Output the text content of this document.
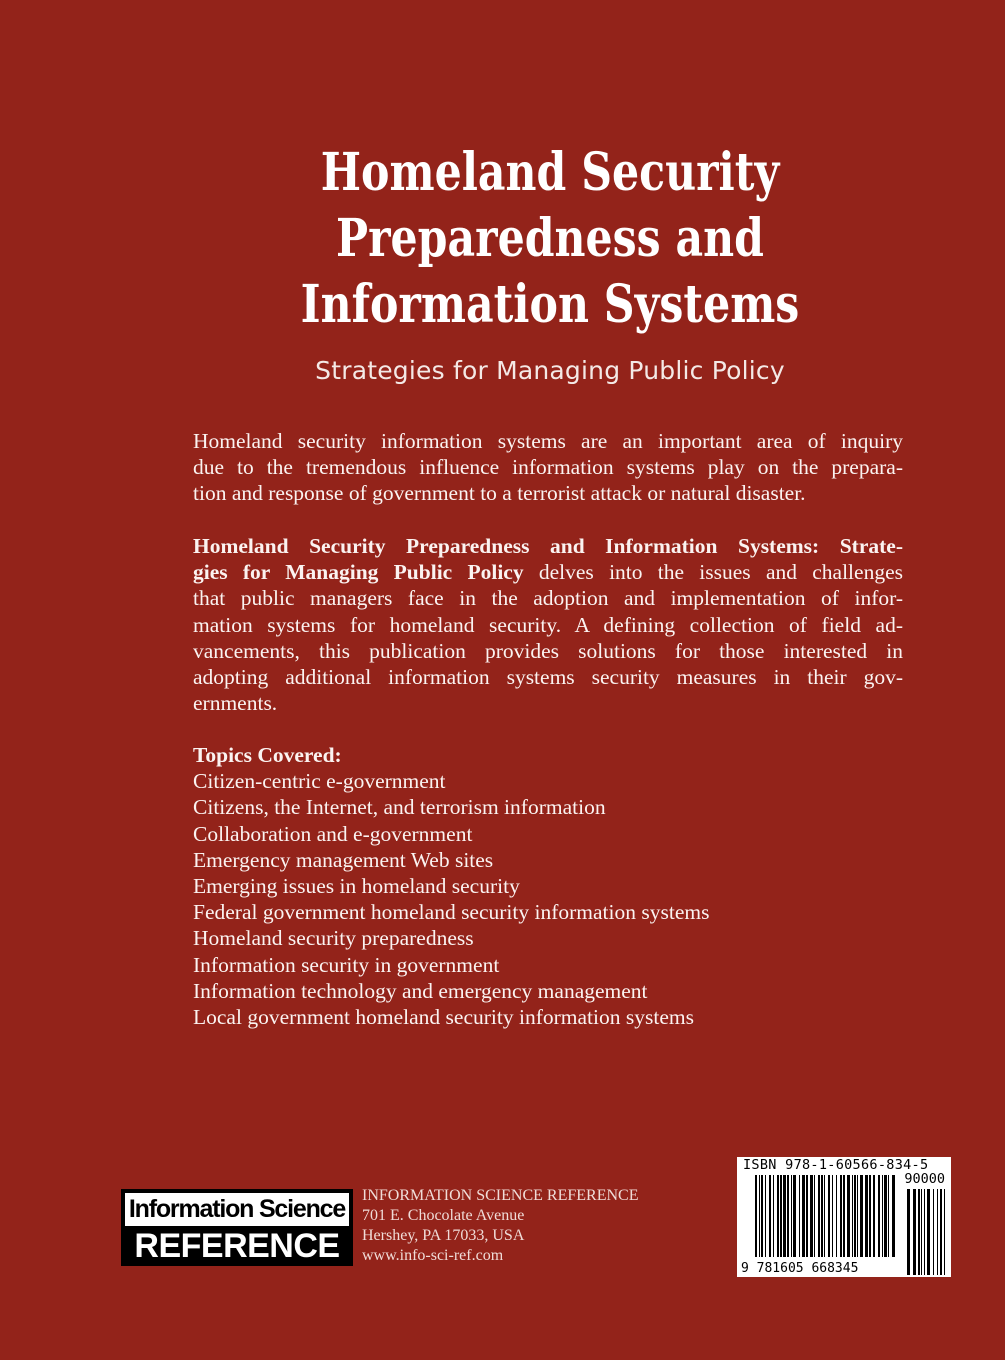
Homeland Security
Preparedness and
Information Systems
Strategies for Managing Public Policy
Homeland security information systems are an important area of inquiry
due to the tremendous influence information systems play on the prepara-
tion and response of government to a terrorist attack or natural disaster.
Homeland Security Preparedness and Information Systems: Strate-
gies for Managing Public Policy delves into the issues and challenges
that public managers face in the adoption and implementation of infor-
mation systems for homeland security. A defining collection of field ad-
vancements, this publication provides solutions for those interested in
adopting additional information systems security measures in their gov-
ernments.
Topics Covered:
Citizen-centric e-government
Citizens, the Internet, and terrorism information
Collaboration and e-government
Emergency management Web sites
Emerging issues in homeland security
Federal government homeland security information systems
Homeland security preparedness
Information security in government
Information technology and emergency management
Local government homeland security information systems
Information Science
REFERENCE
INFORMATION SCIENCE REFERENCE
701 E. Chocolate Avenue
Hershey, PA 17033, USA
www.info-sci-ref.com
ISBN 978-1-60566-834-5
90000
9 781605 668345
